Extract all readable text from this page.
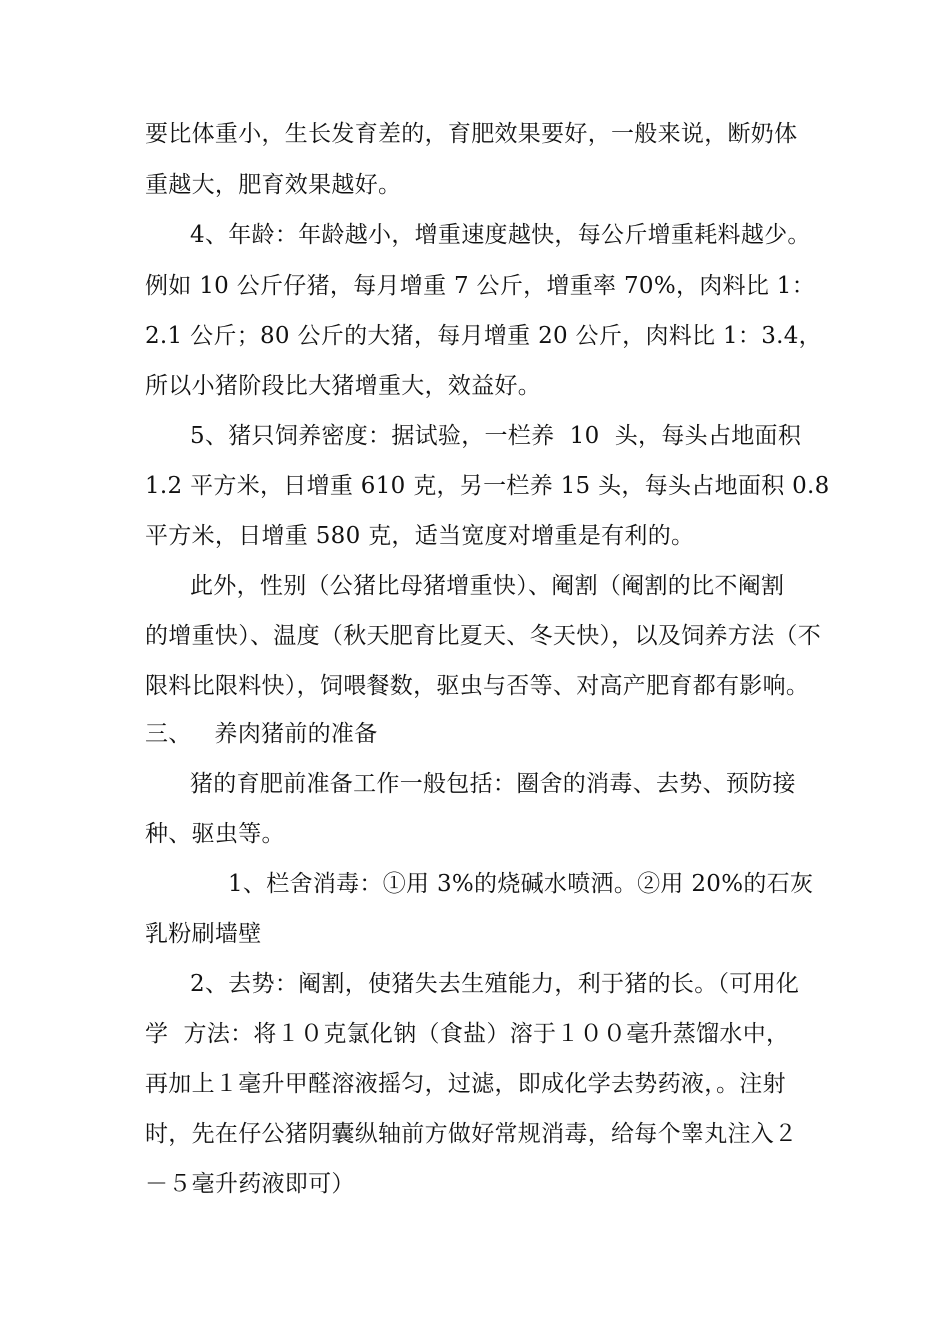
要比体重小，生长发育差的，育肥效果要好，一般来说，断奶体
重越大，肥育效果越好。
4、年龄：年龄越小，增重速度越快，每公斤增重耗料越少。
例如 10 公斤仔猪，每月增重 7 公斤，增重率 70%，肉料比 1：
2.1 公斤；80 公斤的大猪，每月增重 20 公斤，肉料比 1：3.4，
所以小猪阶段比大猪增重大，效益好。
5、猪只饲养密度：据试验，一栏养  10  头，每头占地面积
1.2 平方米，日增重 610 克，另一栏养 15 头，每头占地面积 0.8
平方米，日增重 580 克，适当宽度对增重是有利的。
此外，性别（公猪比母猪增重快）、阉割（阉割的比不阉割
的增重快）、温度（秋天肥育比夏天、冬天快），以及饲养方法（不
限料比限料快），饲喂餐数，驱虫与否等、对高产肥育都有影响。
三、   养肉猪前的准备
猪的育肥前准备工作一般包括：圈舍的消毒、去势、预防接
种、驱虫等。
1、栏舍消毒：①用 3%的烧碱水喷洒。②用 20%的石灰
乳粉刷墙壁
2、去势：阉割，使猪失去生殖能力，利于猪的长。（可用化
学  方法：将１０克氯化钠（食盐）溶于１００毫升蒸馏水中，
再加上１毫升甲醛溶液摇匀，过滤，即成化学去势药液，。注射
时，先在仔公猪阴囊纵轴前方做好常规消毒，给每个睾丸注入２
－５毫升药液即可）
